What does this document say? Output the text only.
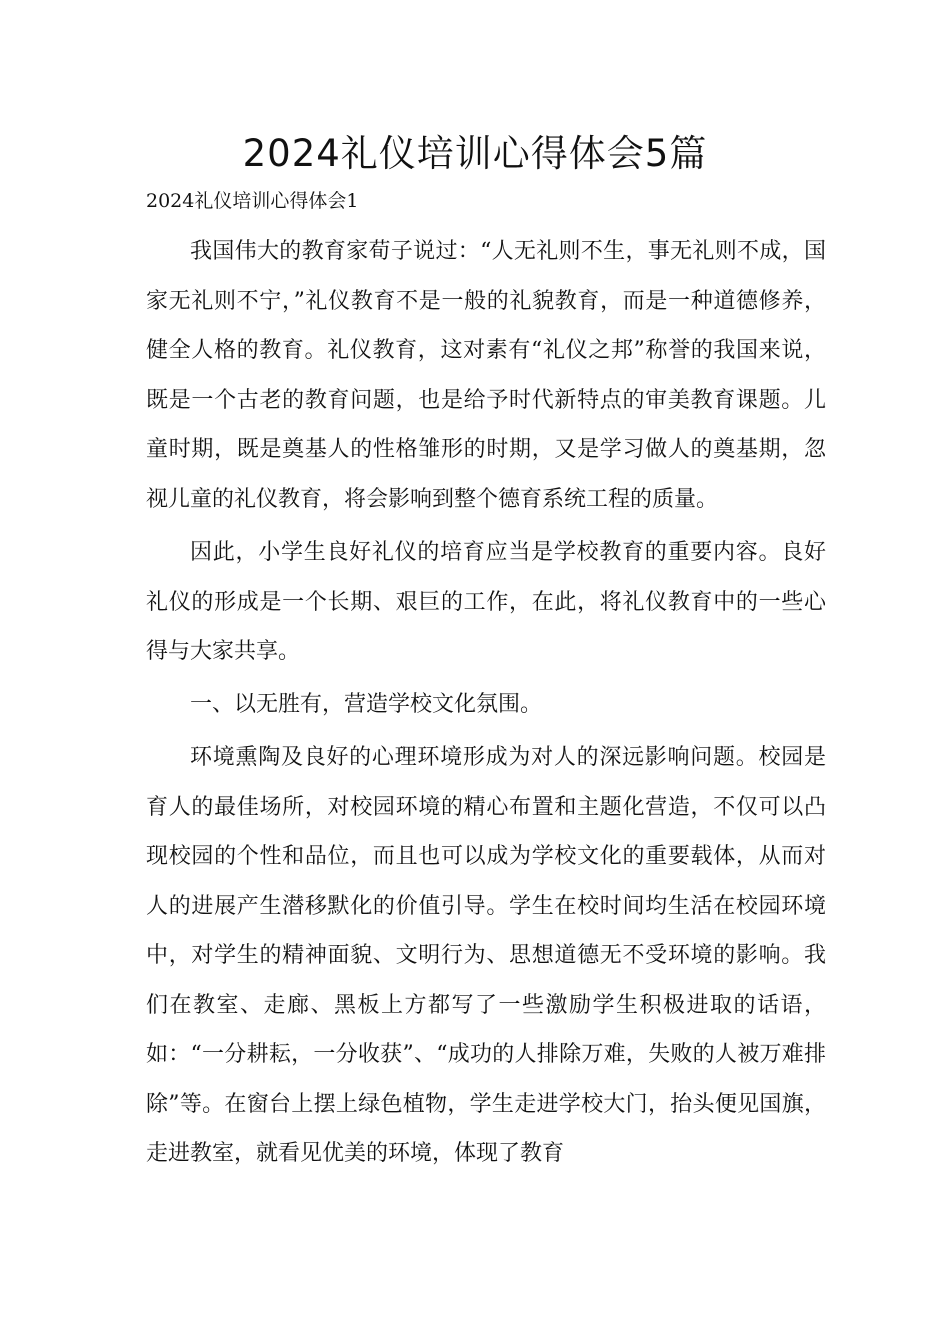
2024礼仪培训心得体会5篇
2024礼仪培训心得体会1

我国伟大的教育家荀子说过：“人无礼则不生，事无礼则不成，国家无礼则不宁，”礼仪教育不是一般的礼貌教育，而是一种道德修养，健全人格的教育。礼仪教育，这对素有“礼仪之邦”称誉的我国来说，既是一个古老的教育问题，也是给予时代新特点的审美教育课题。儿童时期，既是奠基人的性格雏形的时期，又是学习做人的奠基期，忽视儿童的礼仪教育，将会影响到整个德育系统工程的质量。

因此，小学生良好礼仪的培育应当是学校教育的重要内容。良好礼仪的形成是一个长期、艰巨的工作，在此，将礼仪教育中的一些心得与大家共享。

一、以无胜有，营造学校文化氛围。

环境熏陶及良好的心理环境形成为对人的深远影响问题。校园是育人的最佳场所，对校园环境的精心布置和主题化营造，不仅可以凸现校园的个性和品位，而且也可以成为学校文化的重要载体，从而对人的进展产生潜移默化的价值引导。学生在校时间均生活在校园环境中，对学生的精神面貌、文明行为、思想道德无不受环境的影响。我们在教室、走廊、黑板上方都写了一些激励学生积极进取的话语，如：“一分耕耘，一分收获”、“成功的人排除万难，失败的人被万难排除”等。在窗台上摆上绿色植物，学生走进学校大门，抬头便见国旗，走进教室，就看见优美的环境，体现了教育
